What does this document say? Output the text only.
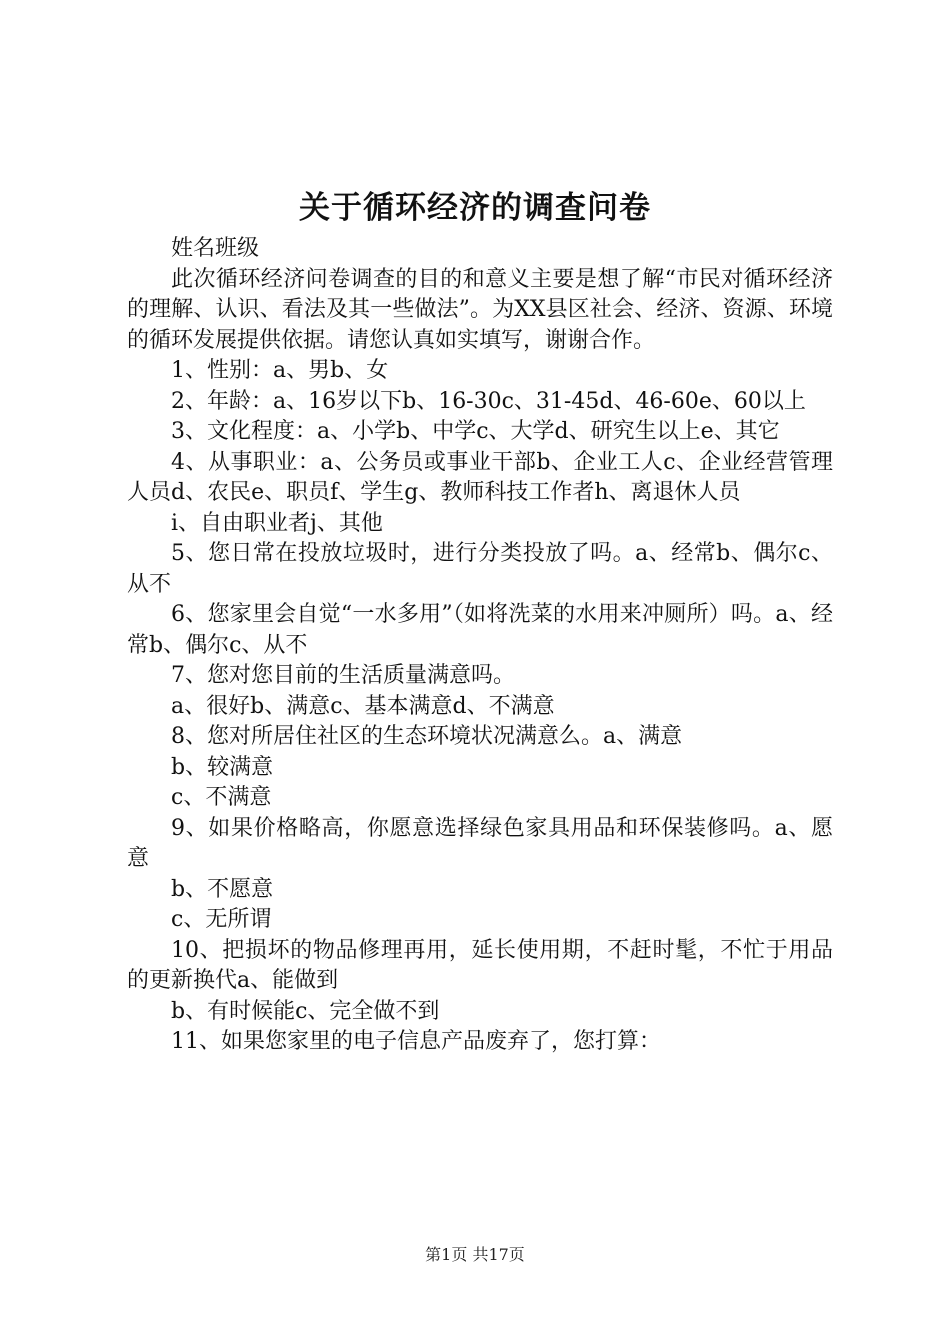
关于循环经济的调查问卷

姓名班级

此次循环经济问卷调查的目的和意义主要是想了解“市民对循环经济的理解、认识、看法及其一些做法”。为XX县区社会、经济、资源、环境的循环发展提供依据。请您认真如实填写，谢谢合作。

1、性别：a、男b、女

2、年龄：a、16岁以下b、16-30c、31-45d、46-60e、60以上

3、文化程度：a、小学b、中学c、大学d、研究生以上e、其它

4、从事职业：a、公务员或事业干部b、企业工人c、企业经营管理人员d、农民e、职员f、学生g、教师科技工作者h、离退休人员

i、自由职业者j、其他

5、您日常在投放垃圾时，进行分类投放了吗。a、经常b、偶尔c、从不

6、您家里会自觉“一水多用”（如将洗菜的水用来冲厕所）吗。a、经常b、偶尔c、从不

7、您对您目前的生活质量满意吗。

a、很好b、满意c、基本满意d、不满意

8、您对所居住社区的生态环境状况满意么。a、满意

b、较满意

c、不满意

9、如果价格略高，你愿意选择绿色家具用品和环保装修吗。a、愿意

b、不愿意

c、无所谓

10、把损坏的物品修理再用，延长使用期，不赶时髦，不忙于用品的更新换代a、能做到

b、有时候能c、完全做不到

11、如果您家里的电子信息产品废弃了，您打算：

第1页 共17页
